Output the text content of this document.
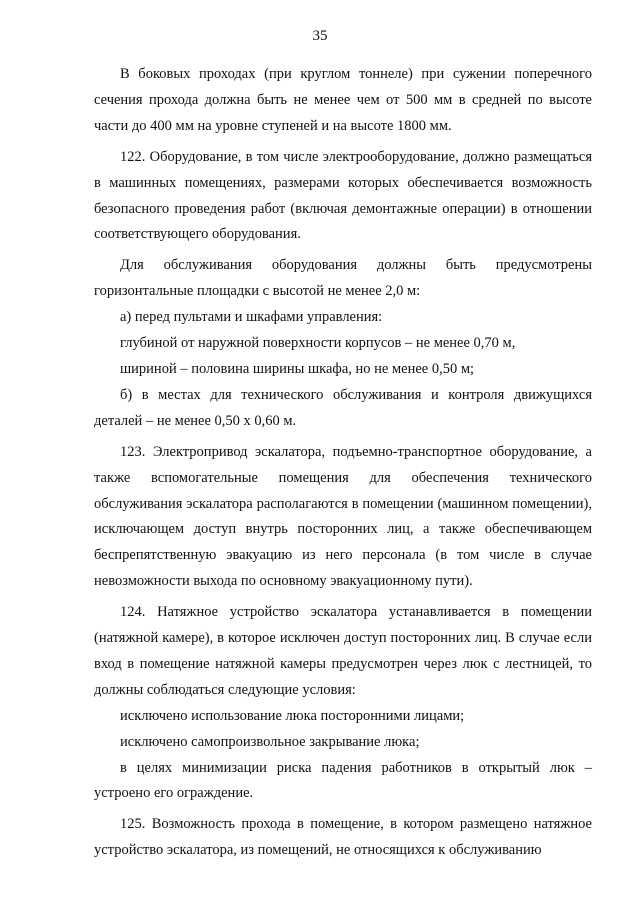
35

В боковых проходах (при круглом тоннеле) при сужении поперечного сечения прохода должна быть не менее чем от 500 мм в средней по высоте части до 400 мм на уровне ступеней и на высоте 1800 мм.

122. Оборудование, в том числе электрооборудование, должно размещаться в машинных помещениях, размерами которых обеспечивается возможность безопасного проведения работ (включая демонтажные операции) в отношении соответствующего оборудования.

Для обслуживания оборудования должны быть предусмотрены горизонтальные площадки с высотой не менее 2,0 м:

а) перед пультами и шкафами управления:

глубиной от наружной поверхности корпусов – не менее 0,70 м,

шириной – половина ширины шкафа, но не менее 0,50 м;

б) в местах для технического обслуживания и контроля движущихся деталей – не менее 0,50 х 0,60 м.

123. Электропривод эскалатора, подъемно-транспортное оборудование, а также вспомогательные помещения для обеспечения технического обслуживания эскалатора располагаются в помещении (машинном помещении), исключающем доступ внутрь посторонних лиц, а также обеспечивающем беспрепятственную эвакуацию из него персонала (в том числе в случае невозможности выхода по основному эвакуационному пути).

124. Натяжное устройство эскалатора устанавливается в помещении (натяжной камере), в которое исключен доступ посторонних лиц. В случае если вход в помещение натяжной камеры предусмотрен через люк с лестницей, то должны соблюдаться следующие условия:

исключено использование люка посторонними лицами;

исключено самопроизвольное закрывание люка;

в целях минимизации риска падения работников в открытый люк – устроено его ограждение.

125. Возможность прохода в помещение, в котором размещено натяжное устройство эскалатора, из помещений, не относящихся к обслуживанию
